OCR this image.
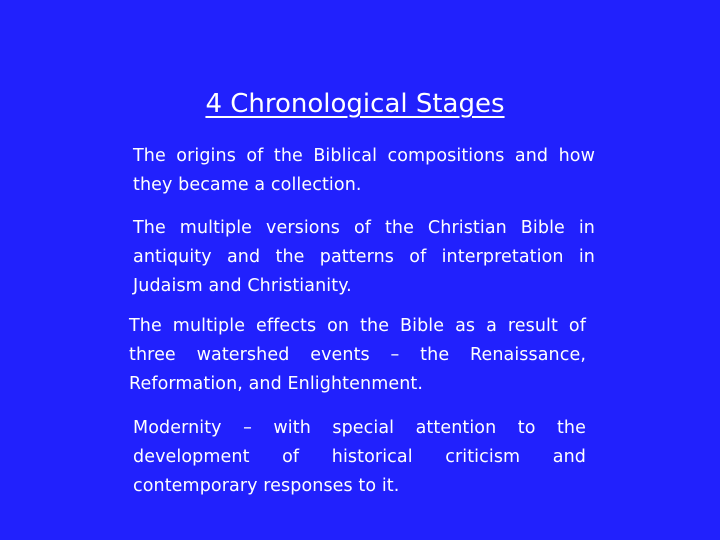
4 Chronological Stages
The origins of the Biblical compositions and how they became a collection.
The multiple versions of the Christian Bible in antiquity and the patterns of interpretation in Judaism and Christianity.
The multiple effects on the Bible as a result of three watershed events – the Renaissance, Reformation, and Enlightenment.
Modernity – with special attention to the development of historical criticism and contemporary responses to it.
